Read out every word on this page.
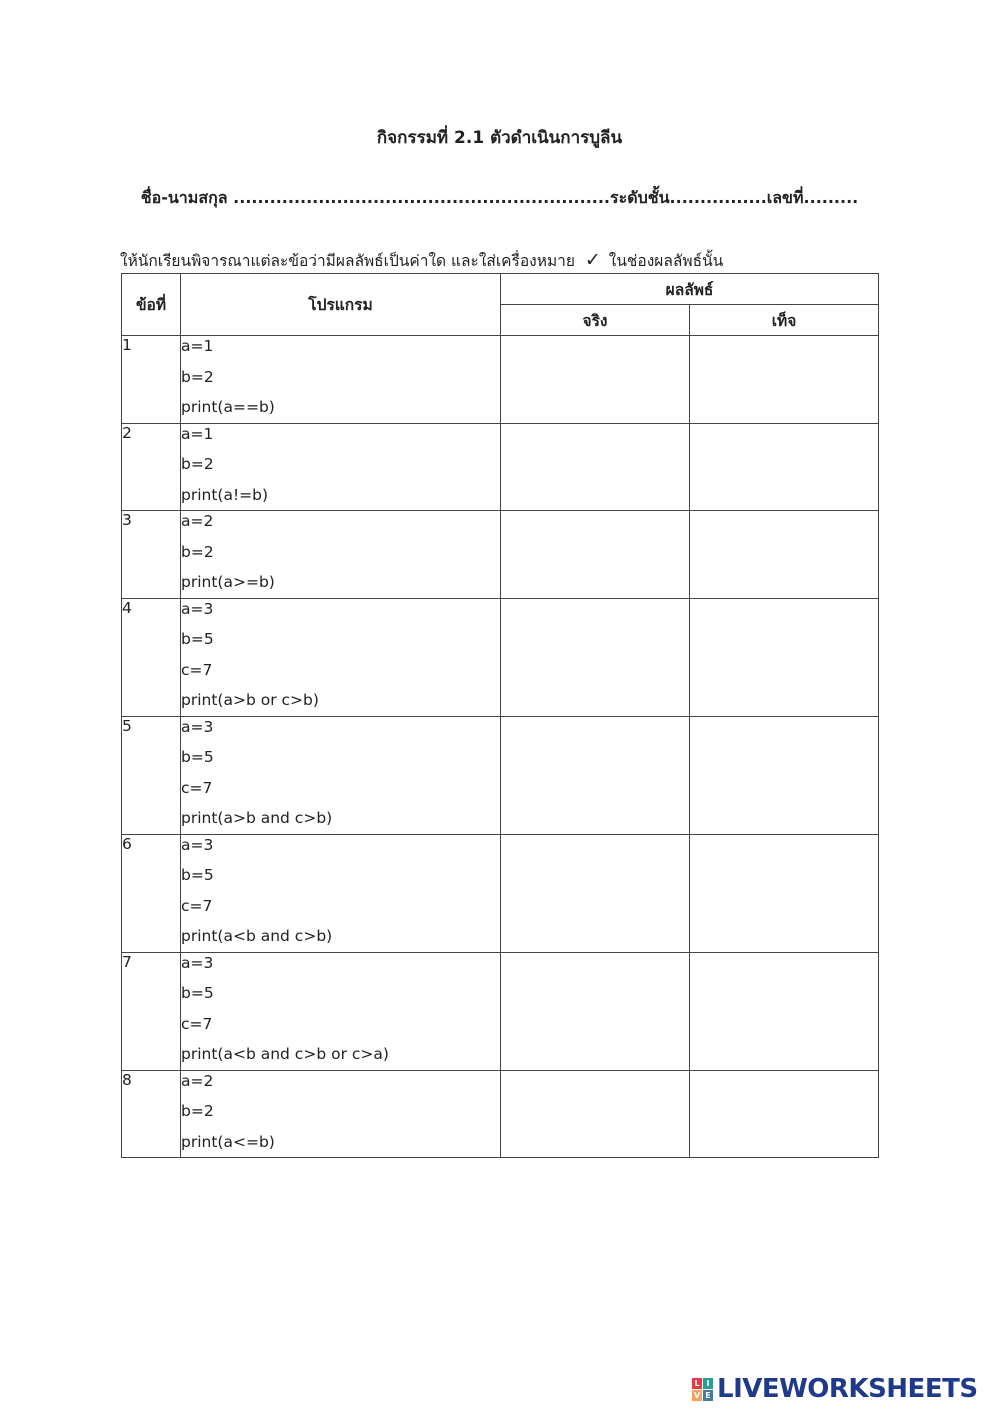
กิจกรรมที่ 2.1 ตัวดำเนินการบูลีน
ชื่อ-นามสกุล ..............................................................ระดับชั้น................เลขที่.........
ให้นักเรียนพิจารณาแต่ละข้อว่ามีผลลัพธ์เป็นค่าใด และใส่เครื่องหมาย ✓ ในช่องผลลัพธ์นั้น
ข้อที่	โปรแกรม	ผลลัพธ์	
		จริง	เท็จ
1	a=1
b=2
print(a==b)		

2	a=1
b=2
print(a!=b)		

3	a=2
b=2
print(a>=b)		

4	a=3
b=5
c=7
print(a>b or c>b)		

5	a=3
b=5
c=7
print(a>b and c>b)		

6	a=3
b=5
c=7
print(a<b and c>b)		

7	a=3
b=5
c=7
print(a<b and c>b or c>a)		

8	a=2
b=2
print(a<=b)		

L I
V E LIVEWORKSHEETS
